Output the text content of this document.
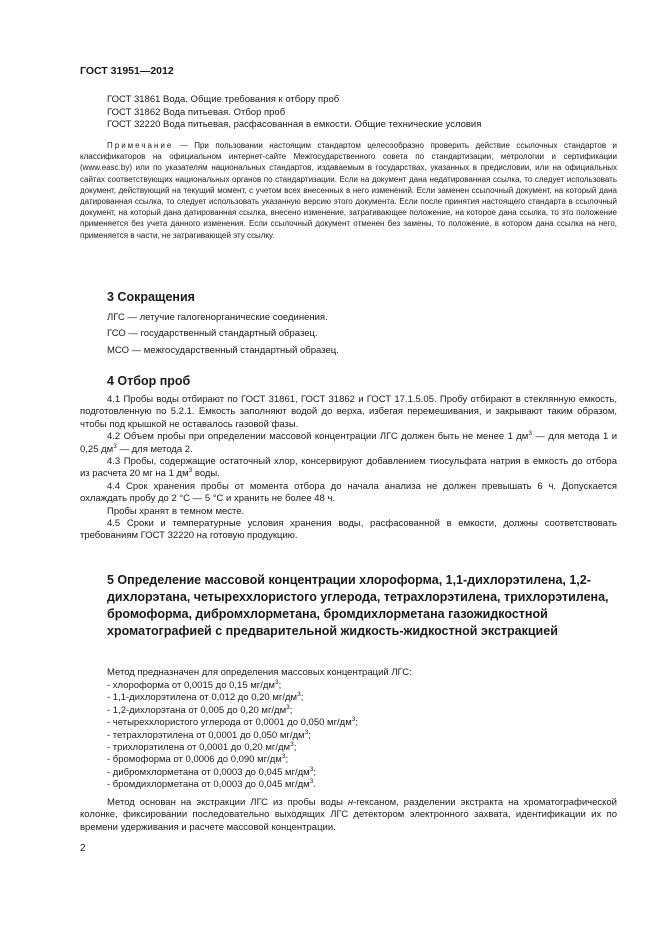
ГОСТ 31951—2012
ГОСТ 31861 Вода. Общие требования к отбору проб
ГОСТ 31862 Вода питьевая. Отбор проб
ГОСТ 32220 Вода питьевая, расфасованная в емкости. Общие технические условия
Примечание — При пользовании настоящим стандартом целесообразно проверить действие ссылочных стандартов и классификаторов на официальном интернет-сайте Межгосударственного совета по стандартизации, метрологии и сертификации (www.easc.by) или по указателям национальных стандартов, издаваемым в государствах, указанных в предисловии, или на официальных сайтах соответствующих национальных органов по стандартизации. Если на документ дана недатированная ссылка, то следует использовать документ, действующий на текущий момент, с учетом всех внесенных в него изменений. Если заменен ссылочный документ, на который дана датированная ссылка, то следует использовать указанную версию этого документа. Если после принятия настоящего стандарта в ссылочный документ, на который дана датированная ссылка, внесено изменение, затрагивающее положение, на которое дана ссылка, то это положение применяется без учета данного изменения. Если ссылочный документ отменен без замены, то положение, в котором дана ссылка на него, применяется в части, не затрагивающей эту ссылку.
3 Сокращения

ЛГС — летучие галогенорганические соединения.

ГСО — государственный стандартный образец.

МСО — межгосударственный стандартный образец.

4 Отбор проб

4.1 Пробы воды отбирают по ГОСТ 31861, ГОСТ 31862 и ГОСТ 17.1.5.05. Пробу отбирают в стеклянную емкость, подготовленную по 5.2.1. Емкость заполняют водой до верха, избегая перемешивания, и закрывают таким образом, чтобы под крышкой не оставалось газовой фазы.

4.2 Объем пробы при определении массовой концентрации ЛГС должен быть не менее 1 $дм^3$ — для метода 1 и 0,25 $дм^3$ — для метода 2.

4.3 Пробы, содержащие остаточный хлор, консервируют добавлением тиосульфата натрия в емкость до отбора из расчета 20 мг на 1 $дм^3$ воды.

4.4 Срок хранения пробы от момента отбора до начала анализа не должен превышать 6 ч. Допускается охлаждать пробу до 2 °С — 5 °С и хранить не более 48 ч.

Пробы хранят в темном месте.

4.5 Сроки и температурные условия хранения воды, расфасованной в емкости, должны соответствовать требованиям ГОСТ 32220 на готовую продукцию.

5 Определение массовой концентрации хлороформа, 1,1-дихлорэтилена, 1,2-дихлорэтана, четыреххлористого углерода, тетрахлорэтилена, трихлорэтилена, бромоформа, дибромхлорметана, бромдихлорметана газожидкостной хроматографией с предварительной жидкость-жидкостной экстракцией

Метод предназначен для определения массовых концентраций ЛГС:

- хлороформа от 0,0015 до 0,15 $мг/дм^3$;

- 1,1-дихлорэтилена от 0,012 до 0,20 $мг/дм^3$;

- 1,2-дихлорэтана от 0,005 до 0,20 $мг/дм^3$;

- четыреххлористого углерода от 0,0001 до 0,050 $мг/дм^3$;

- тетрахлорэтилена от 0,0001 до 0,050 $мг/дм^3$;

- трихлорэтилена от 0,0001 до 0,20 $мг/дм^3$;

- бромоформа от 0,0006 до 0,090 $мг/дм^3$;

- дибромхлорметана от 0,0003 до 0,045 $мг/дм^3$;

- бромдихлорметана от 0,0003 до 0,045 $мг/дм^3$.

Метод основан на экстракции ЛГС из пробы воды н-гексаном, разделении экстракта на хроматографической колонке, фиксировании последовательно выходящих ЛГС детектором электронного захвата, идентификации их по времени удерживания и расчете массовой концентрации.

2
